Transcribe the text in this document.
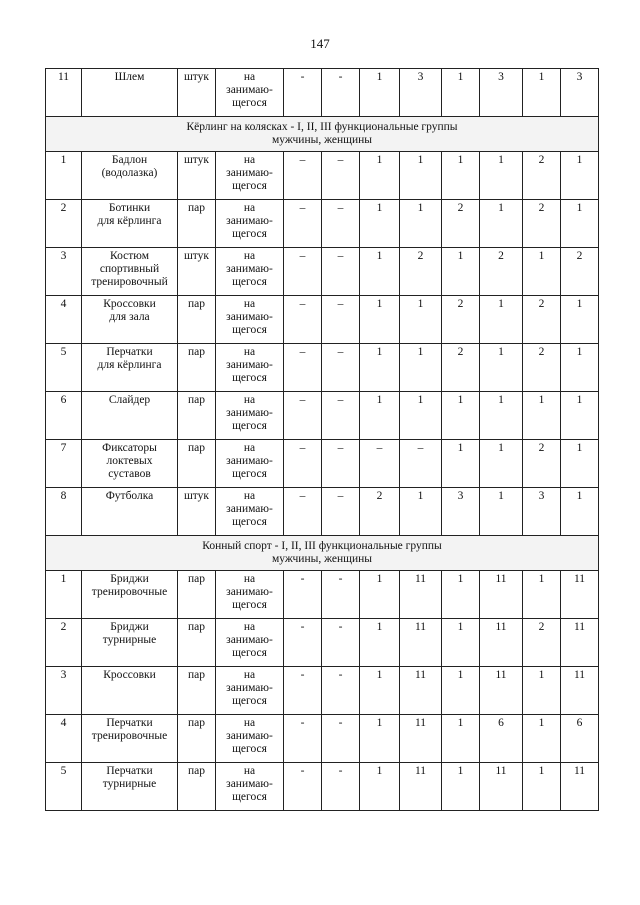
147
11	Шлем	штук	на
занимаю-
щегося	-	-	1	3	1	3	1	3
Кёрлинг на колясках - I, II, III функциональные группы
мужчины, женщины											
1	Бадлон
(водолазка)	штук	на
занимаю-
щегося	–	–	1	1	1	1	2	1
2	Ботинки
для кёрлинга	пар	на
занимаю-
щегося	–	–	1	1	2	1	2	1
3	Костюм
спортивный
тренировочный	штук	на
занимаю-
щегося	–	–	1	2	1	2	1	2
4	Кроссовки
для зала	пар	на
занимаю-
щегося	–	–	1	1	2	1	2	1
5	Перчатки
для кёрлинга	пар	на
занимаю-
щегося	–	–	1	1	2	1	2	1
6	Слайдер	пар	на
занимаю-
щегося	–	–	1	1	1	1	1	1
7	Фиксаторы
локтевых
суставов	пар	на
занимаю-
щегося	–	–	–	–	1	1	2	1
8	Футболка	штук	на
занимаю-
щегося	–	–	2	1	3	1	3	1
Конный спорт - I, II, III функциональные группы
мужчины, женщины											
1	Бриджи
тренировочные	пар	на
занимаю-
щегося	-	-	1	11	1	11	1	11
2	Бриджи
турнирные	пар	на
занимаю-
щегося	-	-	1	11	1	11	2	11
3	Кроссовки	пар	на
занимаю-
щегося	-	-	1	11	1	11	1	11
4	Перчатки
тренировочные	пар	на
занимаю-
щегося	-	-	1	11	1	6	1	6
5	Перчатки
турнирные	пар	на
занимаю-
щегося	-	-	1	11	1	11	1	11
